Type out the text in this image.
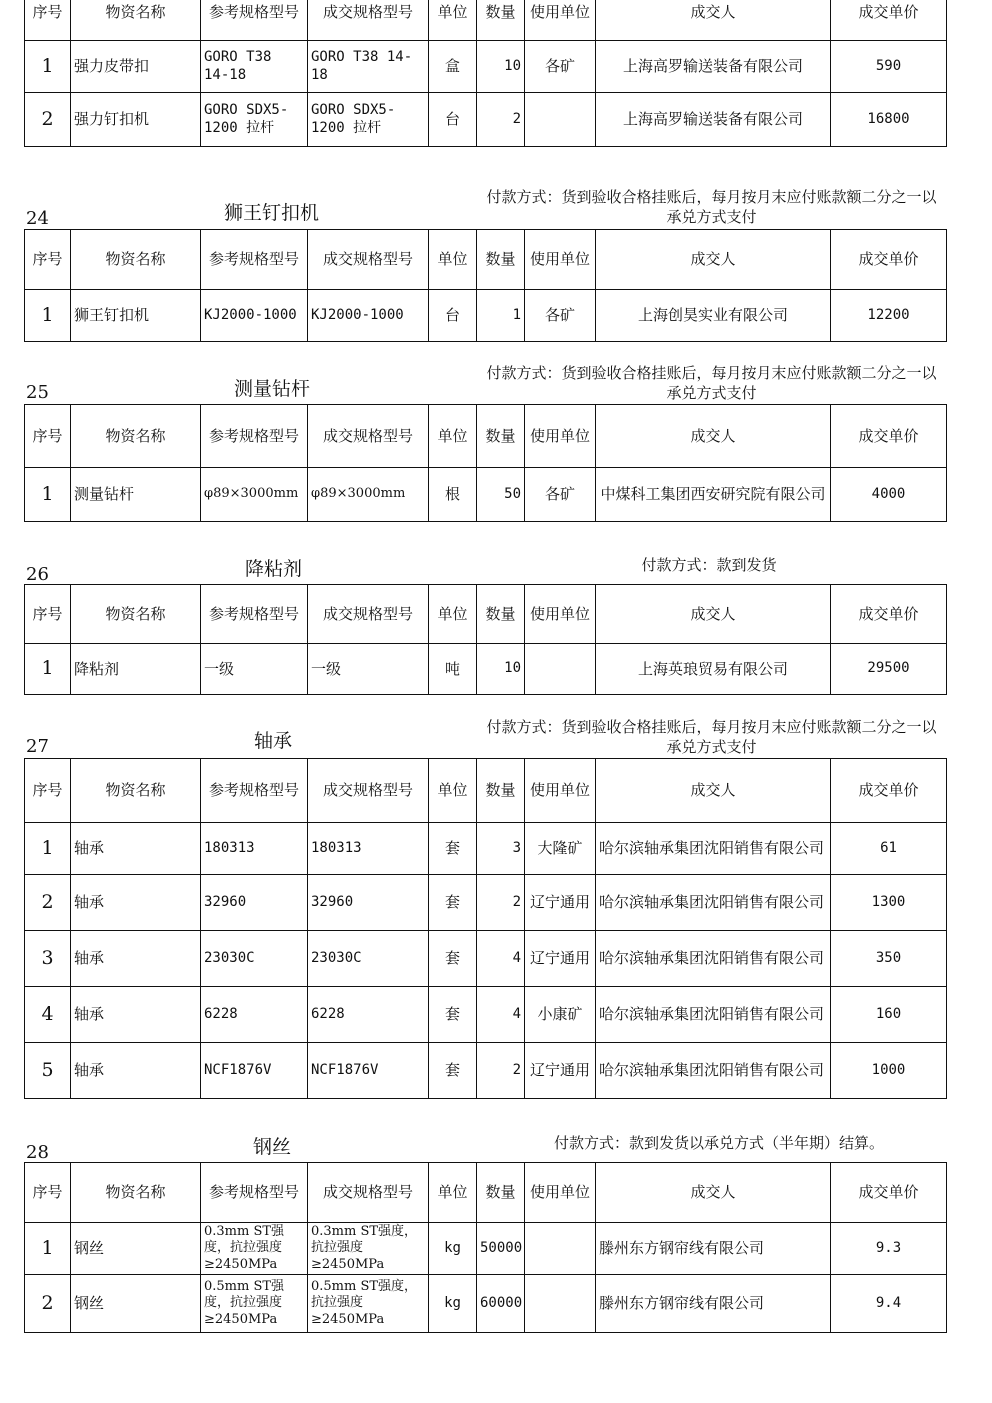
序号	物资名称	参考规格型号	成交规格型号	单位	数量	使用单位	成交人	成交单价
1	强力皮带扣	GORO T38 14-18	GORO T38 14-18	盒	10	各矿	上海高罗输送装备有限公司	590
2	强力钉扣机	GORO SDX5-1200 拉杆	GORO SDX5-1200 拉杆	台	2		上海高罗输送装备有限公司	16800
24	狮王钉扣机
付款方式：货到验收合格挂账后，每月按月末应付账款额二分之一以承兑方式支付
序号	物资名称	参考规格型号	成交规格型号	单位	数量	使用单位	成交人	成交单价
1	狮王钉扣机	KJ2000-1000	KJ2000-1000	台	1	各矿	上海创昊实业有限公司	12200
25	测量钻杆
付款方式：货到验收合格挂账后，每月按月末应付账款额二分之一以承兑方式支付
序号	物资名称	参考规格型号	成交规格型号	单位	数量	使用单位	成交人	成交单价
1	测量钻杆	φ89×3000mm	φ89×3000mm	根	50	各矿	中煤科工集团西安研究院有限公司	4000
26	降粘剂	付款方式：款到发货
序号	物资名称	参考规格型号	成交规格型号	单位	数量	使用单位	成交人	成交单价
1	降粘剂	一级	一级	吨	10		上海英琅贸易有限公司	29500
27	轴承
付款方式：货到验收合格挂账后，每月按月末应付账款额二分之一以承兑方式支付
序号	物资名称	参考规格型号	成交规格型号	单位	数量	使用单位	成交人	成交单价
1	轴承	180313	180313	套	3	大隆矿	哈尔滨轴承集团沈阳销售有限公司	61
2	轴承	32960	32960	套	2	辽宁通用	哈尔滨轴承集团沈阳销售有限公司	1300
3	轴承	23030C	23030C	套	4	辽宁通用	哈尔滨轴承集团沈阳销售有限公司	350
4	轴承	6228	6228	套	4	小康矿	哈尔滨轴承集团沈阳销售有限公司	160
5	轴承	NCF1876V	NCF1876V	套	2	辽宁通用	哈尔滨轴承集团沈阳销售有限公司	1000
28	钢丝	付款方式：款到发货以承兑方式（半年期）结算。
序号	物资名称	参考规格型号	成交规格型号	单位	数量	使用单位	成交人	成交单价
1	钢丝	0.3mm ST强度，抗拉强度≥2450MPa	0.3mm ST强度，抗拉强度≥2450MPa	kg	50000		滕州东方钢帘线有限公司	9.3
2	钢丝	0.5mm ST强度，抗拉强度≥2450MPa	0.5mm ST强度，抗拉强度≥2450MPa	kg	60000		滕州东方钢帘线有限公司	9.4
